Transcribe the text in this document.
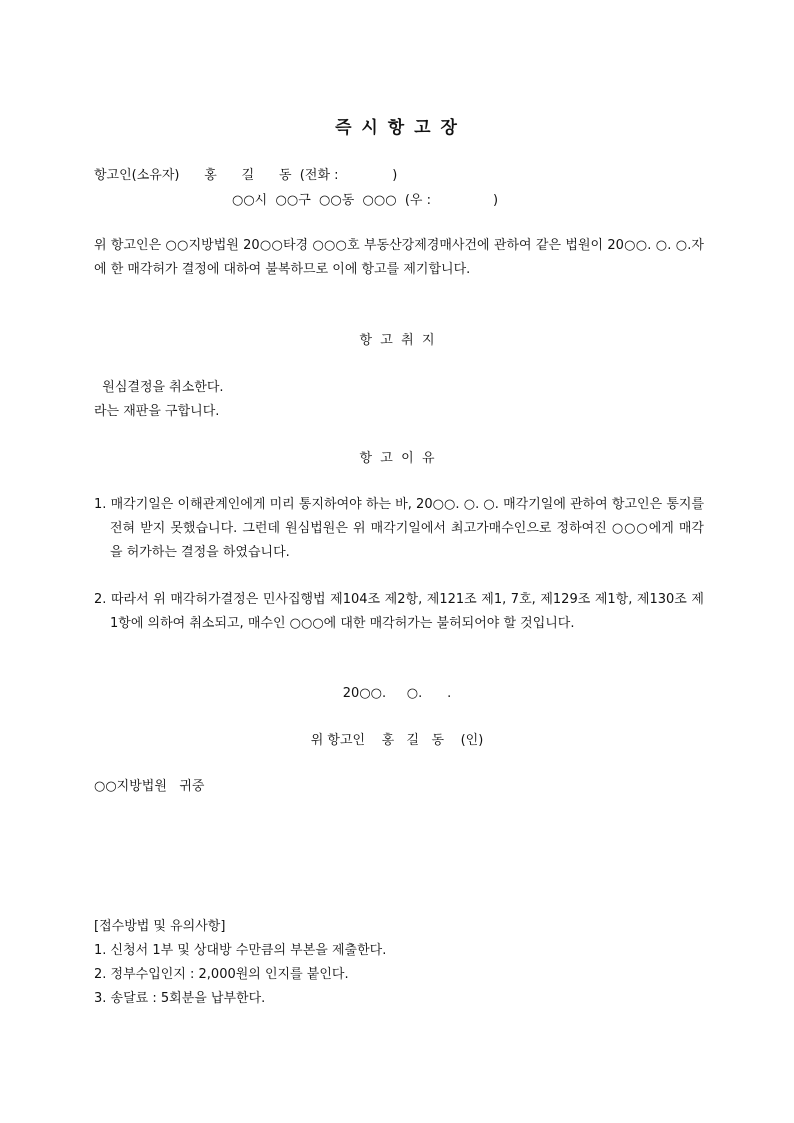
즉 시 항 고 장
항고인(소유자)      홍      길      동  (전화 :             )
○○시  ○○구  ○○동  ○○○  (우 :               )
위 항고인은 ○○지방법원 20○○타경 ○○○호 부동산강제경매사건에 관하여 같은 법원이 20○○. ○. ○.자에 한 매각허가 결정에 대하여 불복하므로 이에 항고를 제기합니다.
항  고  취  지
원심결정을 취소한다.
라는 재판을 구합니다.
항  고  이  유
1. 매각기일은 이해관계인에게 미리 통지하여야 하는 바, 20○○. ○. ○. 매각기일에 관하여 항고인은 통지를 전혀 받지 못했습니다. 그런데 원심법원은 위 매각기일에서 최고가매수인으로 정하여진 ○○○에게 매각을 허가하는 결정을 하였습니다.
2. 따라서 위 매각허가결정은 민사집행법 제104조 제2항, 제121조 제1, 7호, 제129조 제1항, 제130조 제1항에 의하여 취소되고, 매수인 ○○○에 대한 매각허가는 불허되어야 할 것입니다.
20○○.     ○.      .
위 항고인    홍   길   동    (인)
○○지방법원   귀중
[접수방법 및 유의사항]
1. 신청서 1부 및 상대방 수만큼의 부본을 제출한다.
2. 정부수입인지 : 2,000원의 인지를 붙인다.
3. 송달료 : 5회분을 납부한다.
